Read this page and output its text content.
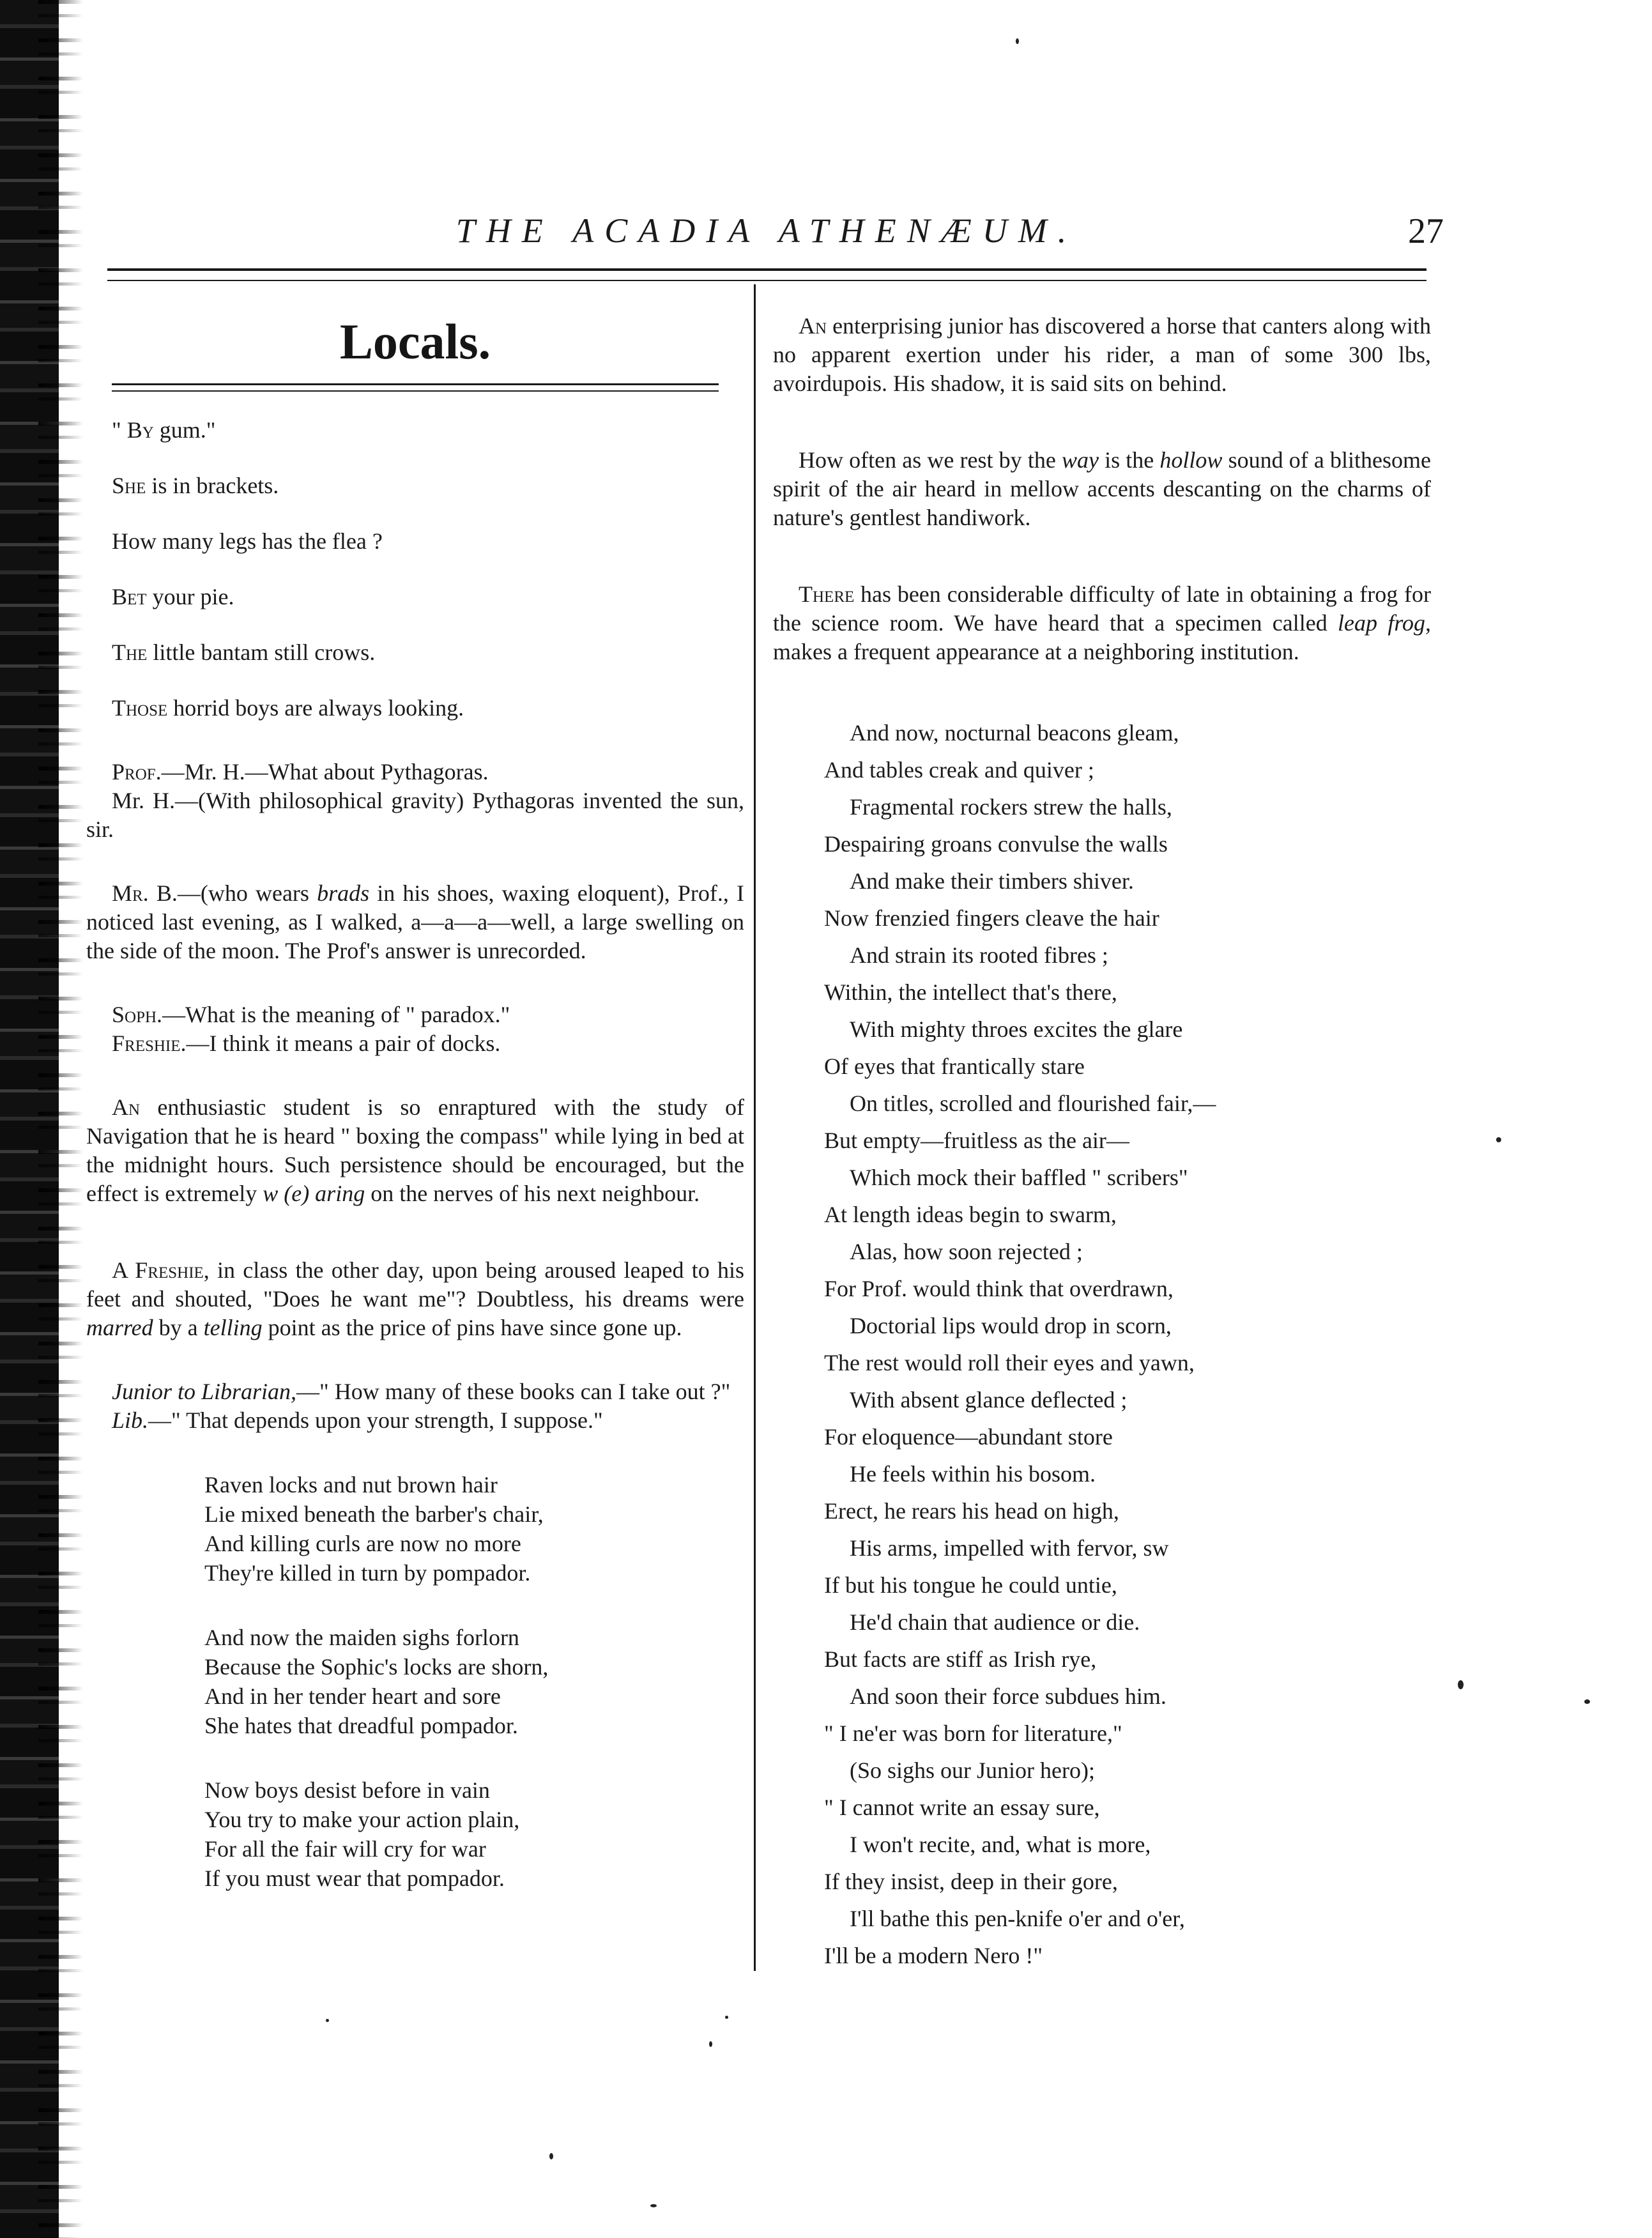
THE ACADIA ATHENÆUM.	27
Locals.

" By gum."

She is in brackets.

How many legs has the flea ?

Bet your pie.

The little bantam still crows.

Those horrid boys are always looking.

Prof.—Mr. H.—What about Pythagoras.

Mr. H.—(With philosophical gravity) Pythagoras invented the sun, sir.

Mr. B.—(who wears brads in his shoes, waxing eloquent), Prof., I noticed last evening, as I walked, a—a—a—well, a large swelling on the side of the moon. The Prof's answer is unrecorded.

Soph.—What is the meaning of " paradox."

Freshie.—I think it means a pair of docks.

An enthusiastic student is so enraptured with the study of Navigation that he is heard " boxing the compass" while lying in bed at the midnight hours. Such persistence should be encouraged, but the effect is extremely w (e) aring on the nerves of his next neighbour.

A Freshie, in class the other day, upon being aroused leaped to his feet and shouted, "Does he want me"? Doubtless, his dreams were marred by a telling point as the price of pins have since gone up.

Junior to Librarian,—" How many of these books can I take out ?"

Lib.—" That depends upon your strength, I suppose."

Raven locks and nut brown hair
Lie mixed beneath the barber's chair,
And killing curls are now no more
They're killed in turn by pompador.
And now the maiden sighs forlorn
Because the Sophic's locks are shorn,
And in her tender heart and sore
She hates that dreadful pompador.
Now boys desist before in vain
You try to make your action plain,
For all the fair will cry for war
If you must wear that pompador.

An enterprising junior has discovered a horse that canters along with no apparent exertion under his rider, a man of some 300 lbs, avoirdupois. His shadow, it is said sits on behind.

How often as we rest by the way is the hollow sound of a blithesome spirit of the air heard in mellow accents descanting on the charms of nature's gentlest handiwork.

There has been considerable difficulty of late in obtaining a frog for the science room. We have heard that a specimen called leap frog, makes a frequent appearance at a neighboring institution.

And now, nocturnal beacons gleam,
And tables creak and quiver ;
Fragmental rockers strew the halls,
Despairing groans convulse the walls
And make their timbers shiver.
Now frenzied fingers cleave the hair
And strain its rooted fibres ;
Within, the intellect that's there,
With mighty throes excites the glare
Of eyes that frantically stare
On titles, scrolled and flourished fair,—
But empty—fruitless as the air—
Which mock their baffled " scribers"
At length ideas begin to swarm,
Alas, how soon rejected ;
For Prof. would think that overdrawn,
Doctorial lips would drop in scorn,
The rest would roll their eyes and yawn,
With absent glance deflected ;
For eloquence—abundant store
He feels within his bosom.
Erect, he rears his head on high,
His arms, impelled with fervor, sw
If but his tongue he could untie,
He'd chain that audience or die.
But facts are stiff as Irish rye,
And soon their force subdues him.
" I ne'er was born for literature,"
(So sighs our Junior hero);
" I cannot write an essay sure,
I won't recite, and, what is more,
If they insist, deep in their gore,
I'll bathe this pen-knife o'er and o'er,
I'll be a modern Nero !"
